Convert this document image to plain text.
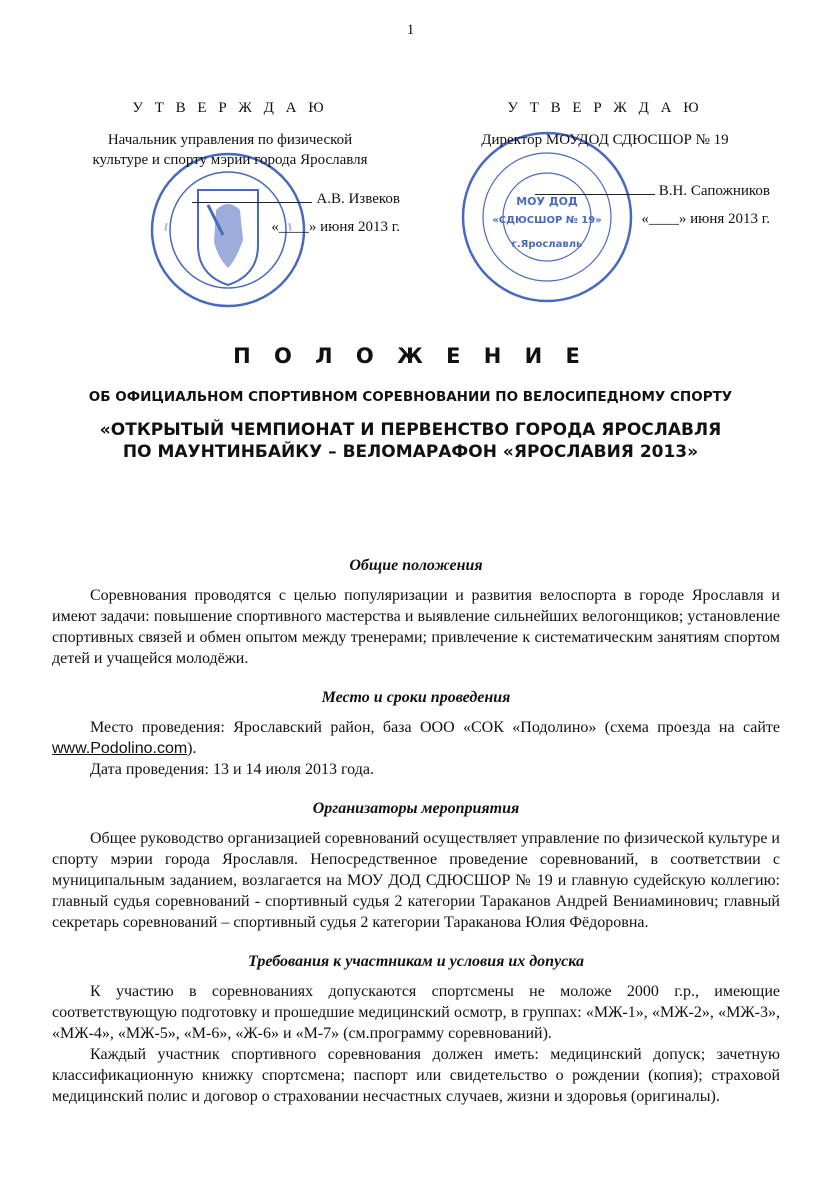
1
МОУ ДОД
«СДЮСШОР № 19»
г.Ярославль
У Т В Е Р Ж Д А Ю
Начальник управления по физической
культуре и спорту мэрии города Ярославля
А.В. Извеков
«____» июня 2013 г.
У Т В Е Р Ж Д А Ю
Директор МОУДОД СДЮСШОР № 19
В.Н. Сапожников
«____» июня 2013 г.
П О Л О Ж Е Н И Е
ОБ ОФИЦИАЛЬНОМ СПОРТИВНОМ СОРЕВНОВАНИИ ПО ВЕЛОСИПЕДНОМУ СПОРТУ
«ОТКРЫТЫЙ ЧЕМПИОНАТ И ПЕРВЕНСТВО ГОРОДА ЯРОСЛАВЛЯ
ПО МАУНТИНБАЙКУ – ВЕЛОМАРАФОН «ЯРОСЛАВИЯ 2013»
Общие положения

Соревнования проводятся с целью популяризации и развития велоспорта в городе Ярославля и имеют задачи: повышение спортивного мастерства и выявление сильнейших велогонщиков; установление спортивных связей и обмен опытом между тренерами; привлечение к систематическим занятиям спортом детей и учащейся молодёжи.

Место и сроки проведения

Место проведения: Ярославский район, база ООО «СОК «Подолино» (схема проезда на сайте www.Podolino.com).

Дата проведения: 13 и 14 июля 2013 года.

Организаторы мероприятия

Общее руководство организацией соревнований осуществляет управление по физической культуре и спорту мэрии города Ярославля. Непосредственное проведение соревнований, в соответствии с муниципальным заданием, возлагается на МОУ ДОД СДЮСШОР № 19 и главную судейскую коллегию: главный судья соревнований - спортивный судья 2 категории Тараканов Андрей Вениаминович; главный секретарь соревнований – спортивный судья 2 категории Тараканова Юлия Фёдоровна.

Требования к участникам и условия их допуска

К участию в соревнованиях допускаются спортсмены не моложе 2000 г.р., имеющие соответствующую подготовку и прошедшие медицинский осмотр, в группах: «МЖ-1», «МЖ-2», «МЖ-3», «МЖ-4», «МЖ-5», «М-6», «Ж-6» и «М-7» (см.программу соревнований).

Каждый участник спортивного соревнования должен иметь: медицинский допуск; зачетную классификационную книжку спортсмена; паспорт или свидетельство о рождении (копия); страховой медицинский полис и договор о страховании несчастных случаев, жизни и здоровья (оригиналы).
